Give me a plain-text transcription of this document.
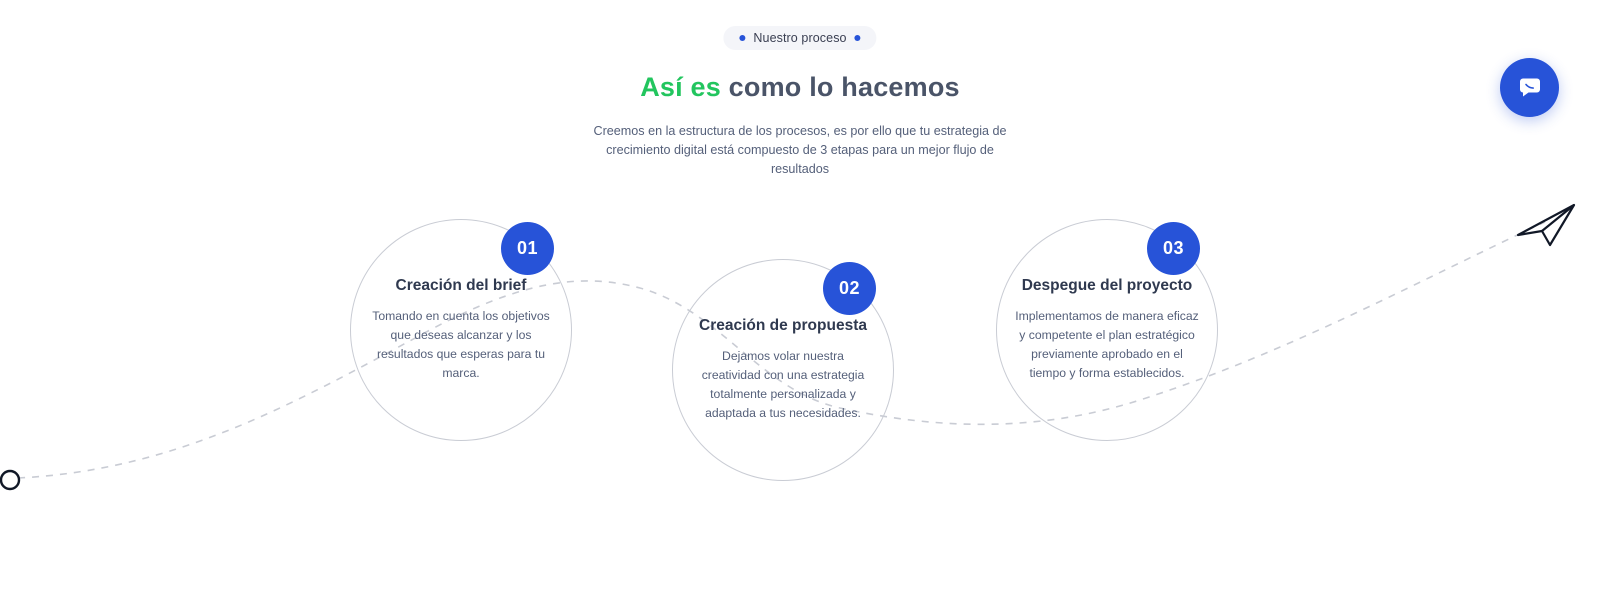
Nuestro proceso
Así es como lo hacemos

Creemos en la estructura de los procesos, es por ello que tu estrategia de crecimiento digital está compuesto de 3 etapas para un mejor flujo de resultados

01
Creación del brief
Tomando en cuenta los objetivos que deseas alcanzar y los resultados que esperas para tu marca.
02
Creación de propuesta
Dejamos volar nuestra creatividad con una estrategia totalmente personalizada y adaptada a tus necesidades.
03
Despegue del proyecto
Implementamos de manera eficaz y competente el plan estratégico previamente aprobado en el tiempo y forma establecidos.
